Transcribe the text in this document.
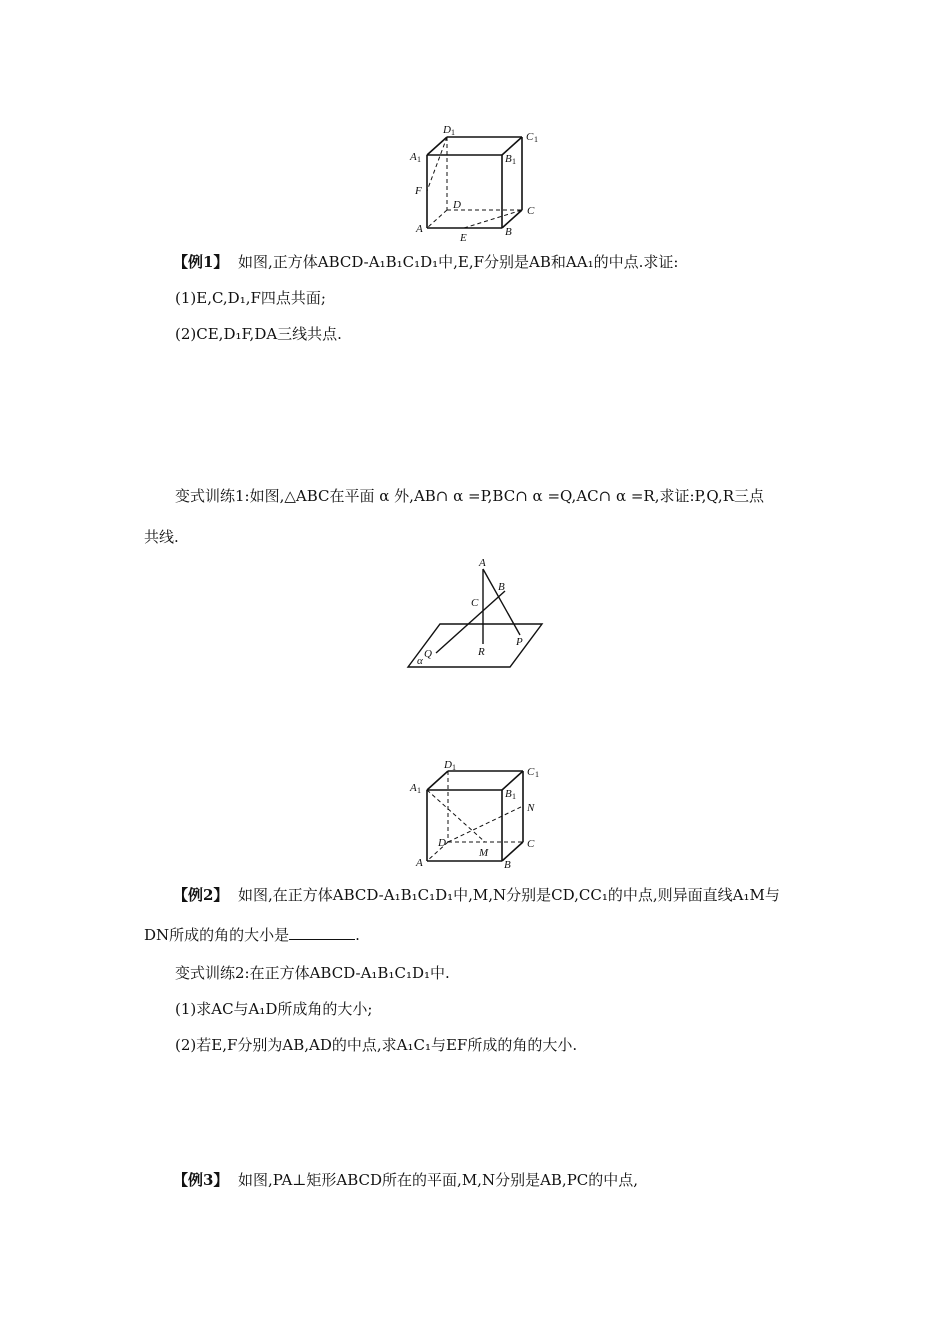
D 1	C 1
A 1	B 1
F
D	C
A
E	B
【例1】 如图,正方体ABCD-A₁B₁C₁D₁中,E,F分别是AB和AA₁的中点.求证:
(1)E,C,D₁,F四点共面;
(2)CE,D₁F,DA三线共点.
变式训练1:如图,△ABC在平面 α 外,AB∩ α =P,BC∩ α =Q,AC∩ α =R,求证:P,Q,R三点
共线.
A
B
C
P
Q	R
α
D 1	C 1
A 1	B 1
N
D	C
A
M
B
【例2】 如图,在正方体ABCD-A₁B₁C₁D₁中,M,N分别是CD,CC₁的中点,则异面直线A₁M与
DN所成的角的大小是	.
变式训练2:在正方体ABCD-A₁B₁C₁D₁中.
(1)求AC与A₁D所成角的大小;
(2)若E,F分别为AB,AD的中点,求A₁C₁与EF所成的角的大小.
【例3】 如图,PA⊥矩形ABCD所在的平面,M,N分别是AB,PC的中点,
